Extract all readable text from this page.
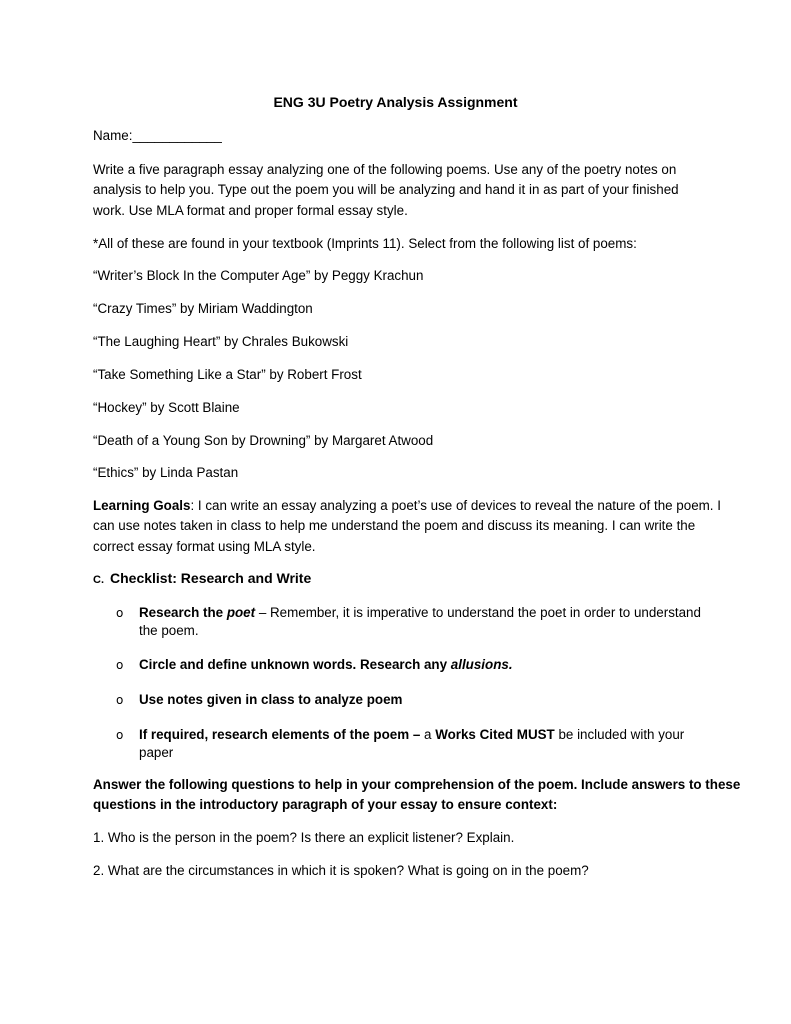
ENG 3U Poetry Analysis Assignment
Name:____________
Write a five paragraph essay analyzing one of the following poems. Use any of the poetry notes on
analysis to help you. Type out the poem you will be analyzing and hand it in as part of your finished
work. Use MLA format and proper formal essay style.
*All of these are found in your textbook (Imprints 11). Select from the following list of poems:
“Writer’s Block In the Computer Age” by Peggy Krachun
“Crazy Times” by Miriam Waddington
“The Laughing Heart” by Chrales Bukowski
“Take Something Like a Star” by Robert Frost
“Hockey” by Scott Blaine
“Death of a Young Son by Drowning” by Margaret Atwood
“Ethics” by Linda Pastan
Learning Goals: I can write an essay analyzing a poet’s use of devices to reveal the nature of the poem. I
can use notes taken in class to help me understand the poem and discuss its meaning. I can write the
correct essay format using MLA style.
C. Checklist: Research and Write
o Research the poet – Remember, it is imperative to understand the poet in order to understand
the poem.
o Circle and define unknown words. Research any allusions.
o Use notes given in class to analyze poem
o If required, research elements of the poem – a Works Cited MUST be included with your paper
Answer the following questions to help in your comprehension of the poem. Include answers to these
questions in the introductory paragraph of your essay to ensure context:
1. Who is the person in the poem? Is there an explicit listener? Explain.
2. What are the circumstances in which it is spoken? What is going on in the poem?
